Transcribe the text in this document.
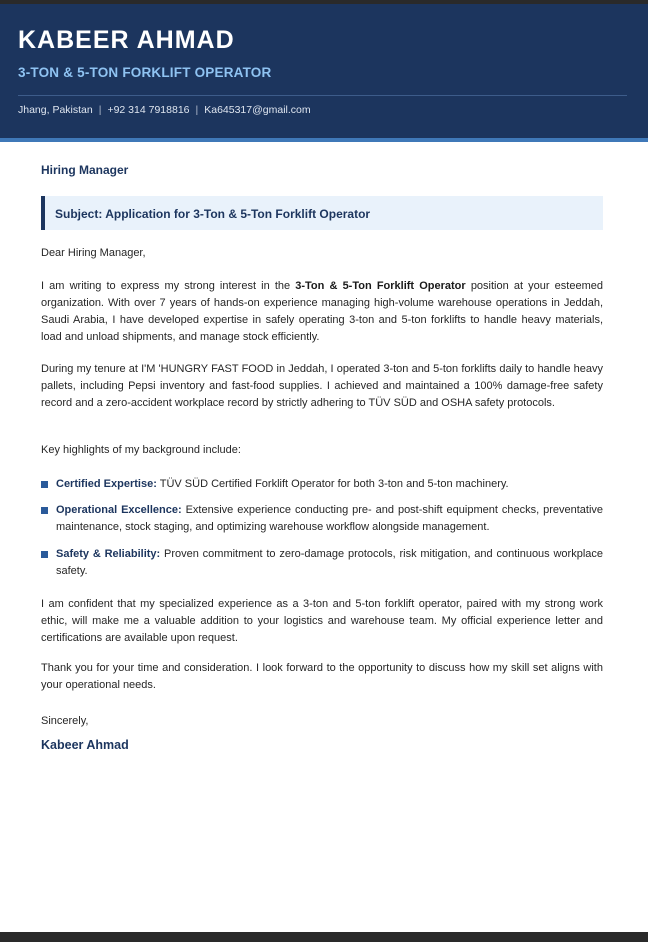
KABEER AHMAD
3-TON & 5-TON FORKLIFT OPERATOR
Jhang, Pakistan | +92 314 7918816 | Ka645317@gmail.com
Hiring Manager
Subject: Application for 3-Ton & 5-Ton Forklift Operator
Dear Hiring Manager,
I am writing to express my strong interest in the 3-Ton & 5-Ton Forklift Operator position at your esteemed organization. With over 7 years of hands-on experience managing high-volume warehouse operations in Jeddah, Saudi Arabia, I have developed expertise in safely operating 3-ton and 5-ton forklifts to handle heavy materials, load and unload shipments, and manage stock efficiently.
During my tenure at I'M 'HUNGRY FAST FOOD in Jeddah, I operated 3-ton and 5-ton forklifts daily to handle heavy pallets, including Pepsi inventory and fast-food supplies. I achieved and maintained a 100% damage-free safety record and a zero-accident workplace record by strictly adhering to TÜV SÜD and OSHA safety protocols.
Key highlights of my background include:
Certified Expertise: TÜV SÜD Certified Forklift Operator for both 3-ton and 5-ton machinery.
Operational Excellence: Extensive experience conducting pre- and post-shift equipment checks, preventative maintenance, stock staging, and optimizing warehouse workflow alongside management.
Safety & Reliability: Proven commitment to zero-damage protocols, risk mitigation, and continuous workplace safety.
I am confident that my specialized experience as a 3-ton and 5-ton forklift operator, paired with my strong work ethic, will make me a valuable addition to your logistics and warehouse team. My official experience letter and certifications are available upon request.
Thank you for your time and consideration. I look forward to the opportunity to discuss how my skill set aligns with your operational needs.
Sincerely,
Kabeer Ahmad
